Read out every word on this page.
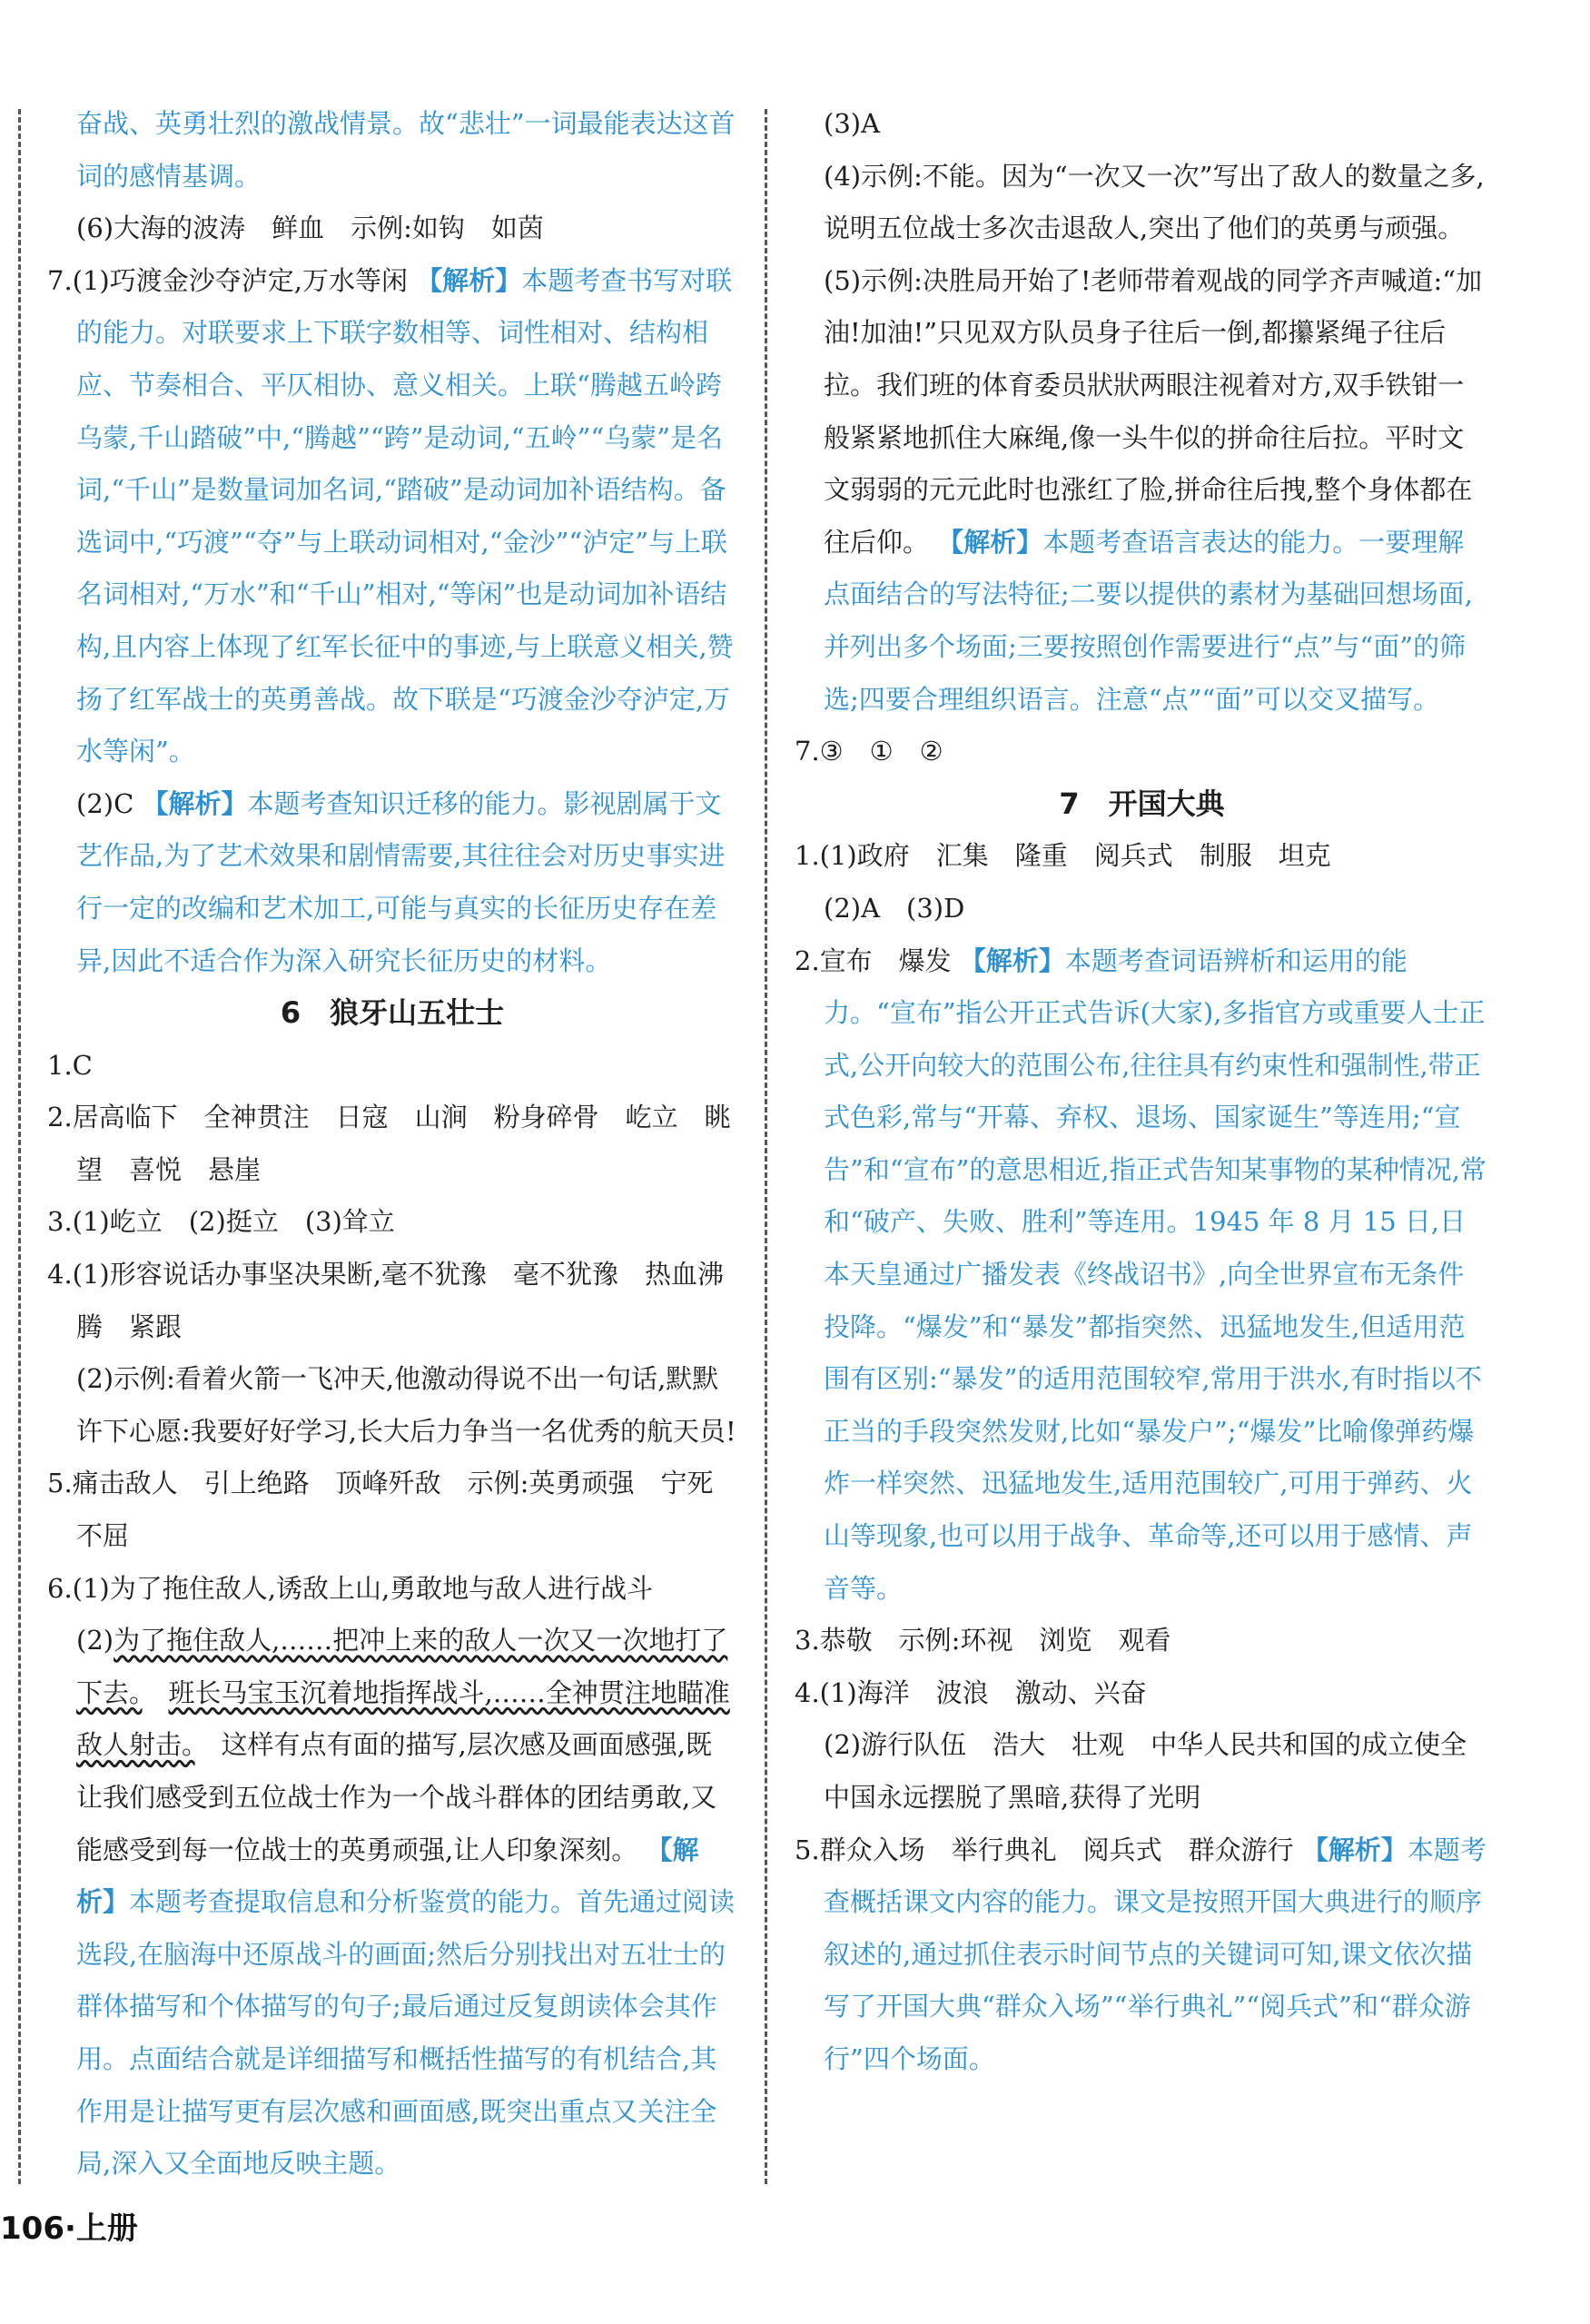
奋战、英勇壮烈的激战情景。故“悲壮”一词最能表达这首词的感情基调。

(6)大海的波涛　鲜血　示例:如钩　如茵

7.(1)巧渡金沙夺泸定,万水等闲 【解析】本题考查书写对联的能力。对联要求上下联字数相等、词性相对、结构相应、节奏相合、平仄相协、意义相关。上联“腾越五岭跨乌蒙,千山踏破”中,“腾越”“跨”是动词,“五岭”“乌蒙”是名词,“千山”是数量词加名词,“踏破”是动词加补语结构。备选词中,“巧渡”“夺”与上联动词相对,“金沙”“泸定”与上联名词相对,“万水”和“千山”相对,“等闲”也是动词加补语结构,且内容上体现了红军长征中的事迹,与上联意义相关,赞扬了红军战士的英勇善战。故下联是“巧渡金沙夺泸定,万水等闲”。

(2)C 【解析】本题考查知识迁移的能力。影视剧属于文艺作品,为了艺术效果和剧情需要,其往往会对历史事实进行一定的改编和艺术加工,可能与真实的长征历史存在差异,因此不适合作为深入研究长征历史的材料。

6　狼牙山五壮士

1.C

2.居高临下　全神贯注　日寇　山涧　粉身碎骨　屹立　眺望　喜悦　悬崖

3.(1)屹立　(2)挺立　(3)耸立

4.(1)形容说话办事坚决果断,毫不犹豫　毫不犹豫　热血沸腾　紧跟

(2)示例:看着火箭一飞冲天,他激动得说不出一句话,默默许下心愿:我要好好学习,长大后力争当一名优秀的航天员!

5.痛击敌人　引上绝路　顶峰歼敌　示例:英勇顽强　宁死不屈

6.(1)为了拖住敌人,诱敌上山,勇敢地与敌人进行战斗

(2)为了拖住敌人,……把冲上来的敌人一次又一次地打了下去。　 班长马宝玉沉着地指挥战斗,……全神贯注地瞄准敌人射击。　 这样有点有面的描写,层次感及画面感强,既让我们感受到五位战士作为一个战斗群体的团结勇敢,又能感受到每一位战士的英勇顽强,让人印象深刻。 【解析】本题考查提取信息和分析鉴赏的能力。首先通过阅读选段,在脑海中还原战斗的画面;然后分别找出对五壮士的群体描写和个体描写的句子;最后通过反复朗读体会其作用。点面结合就是详细描写和概括性描写的有机结合,其作用是让描写更有层次感和画面感,既突出重点又关注全局,深入又全面地反映主题。

(3)A

(4)示例:不能。因为“一次又一次”写出了敌人的数量之多,说明五位战士多次击退敌人,突出了他们的英勇与顽强。

(5)示例:决胜局开始了!老师带着观战的同学齐声喊道:“加油!加油!”只见双方队员身子往后一倒,都攥紧绳子往后拉。我们班的体育委员狀狀两眼注视着对方,双手铁钳一般紧紧地抓住大麻绳,像一头牛似的拼命往后拉。平时文文弱弱的元元此时也涨红了脸,拼命往后拽,整个身体都在往后仰。 【解析】本题考查语言表达的能力。一要理解点面结合的写法特征;二要以提供的素材为基础回想场面,并列出多个场面;三要按照创作需要进行“点”与“面”的筛选;四要合理组织语言。注意“点”“面”可以交叉描写。

7.③　①　②

7　开国大典

1.(1)政府　汇集　隆重　阅兵式　制服　坦克

(2)A　(3)D

2.宣布　爆发 【解析】本题考查词语辨析和运用的能力。“宣布”指公开正式告诉(大家),多指官方或重要人士正式,公开向较大的范围公布,往往具有约束性和强制性,带正式色彩,常与“开幕、弃权、退场、国家诞生”等连用;“宣告”和“宣布”的意思相近,指正式告知某事物的某种情况,常和“破产、失败、胜利”等连用。1945 年 8 月 15 日,日本天皇通过广播发表《终战诏书》,向全世界宣布无条件投降。“爆发”和“暴发”都指突然、迅猛地发生,但适用范围有区别:“暴发”的适用范围较窄,常用于洪水,有时指以不正当的手段突然发财,比如“暴发户”;“爆发”比喻像弹药爆炸一样突然、迅猛地发生,适用范围较广,可用于弹药、火山等现象,也可以用于战争、革命等,还可以用于感情、声音等。

3.恭敬　示例:环视　浏览　观看

4.(1)海洋　波浪　激动、兴奋

(2)游行队伍　浩大　壮观　中华人民共和国的成立使全中国永远摆脱了黑暗,获得了光明

5.群众入场　举行典礼　阅兵式　群众游行 【解析】本题考查概括课文内容的能力。课文是按照开国大典进行的顺序叙述的,通过抓住表示时间节点的关键词可知,课文依次描写了开国大典“群众入场”“举行典礼”“阅兵式”和“群众游行”四个场面。

106·上册
